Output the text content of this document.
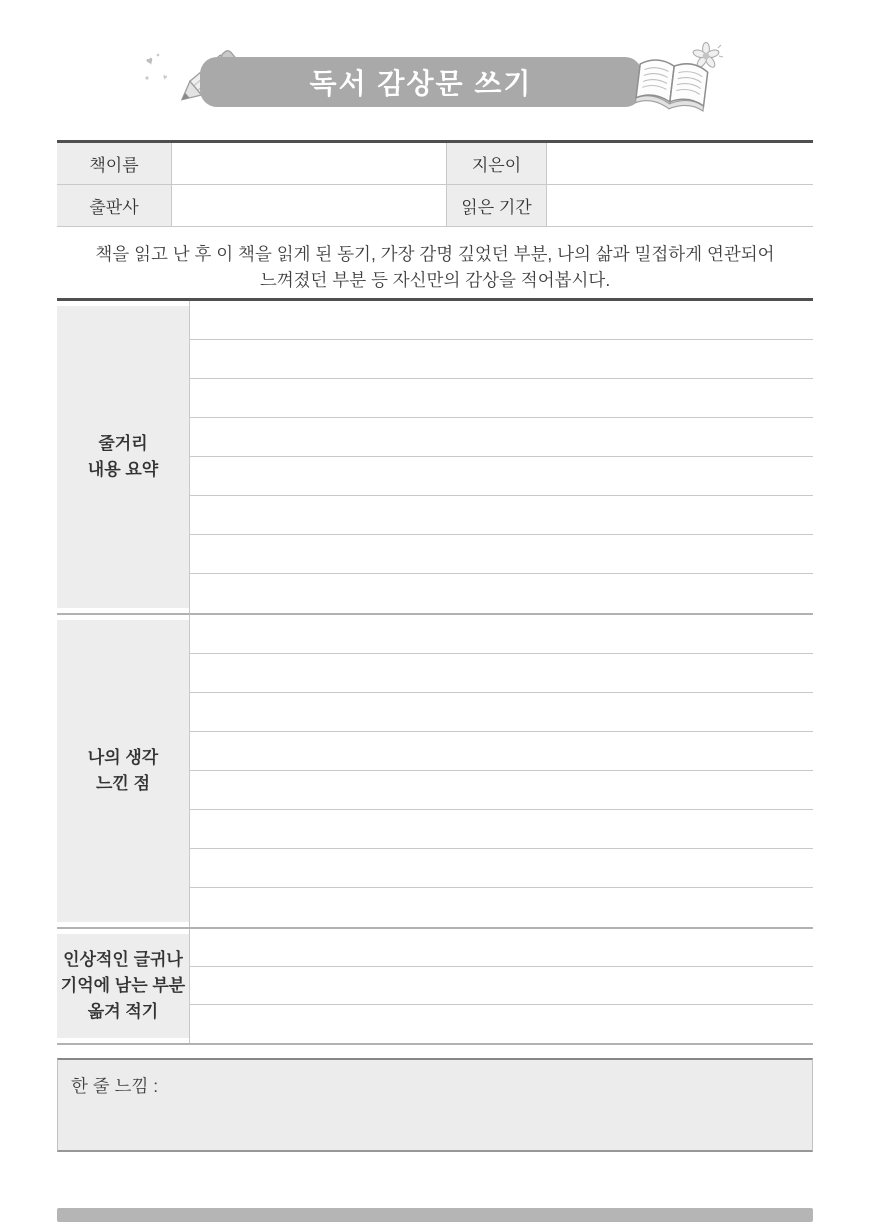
♥
♥	독서 감상문 쓰기
책이름	지은이
출판사	읽은 기간
책을 읽고 난 후 이 책을 읽게 된 동기, 가장 감명 깊었던 부분, 나의 삶과 밀접하게 연관되어
느껴졌던 부분 등 자신만의 감상을 적어봅시다.
줄거리
내용 요약
나의 생각
느낀 점
인상적인 글귀나
기억에 남는 부분
옮겨 적기
한 줄 느낌 :
